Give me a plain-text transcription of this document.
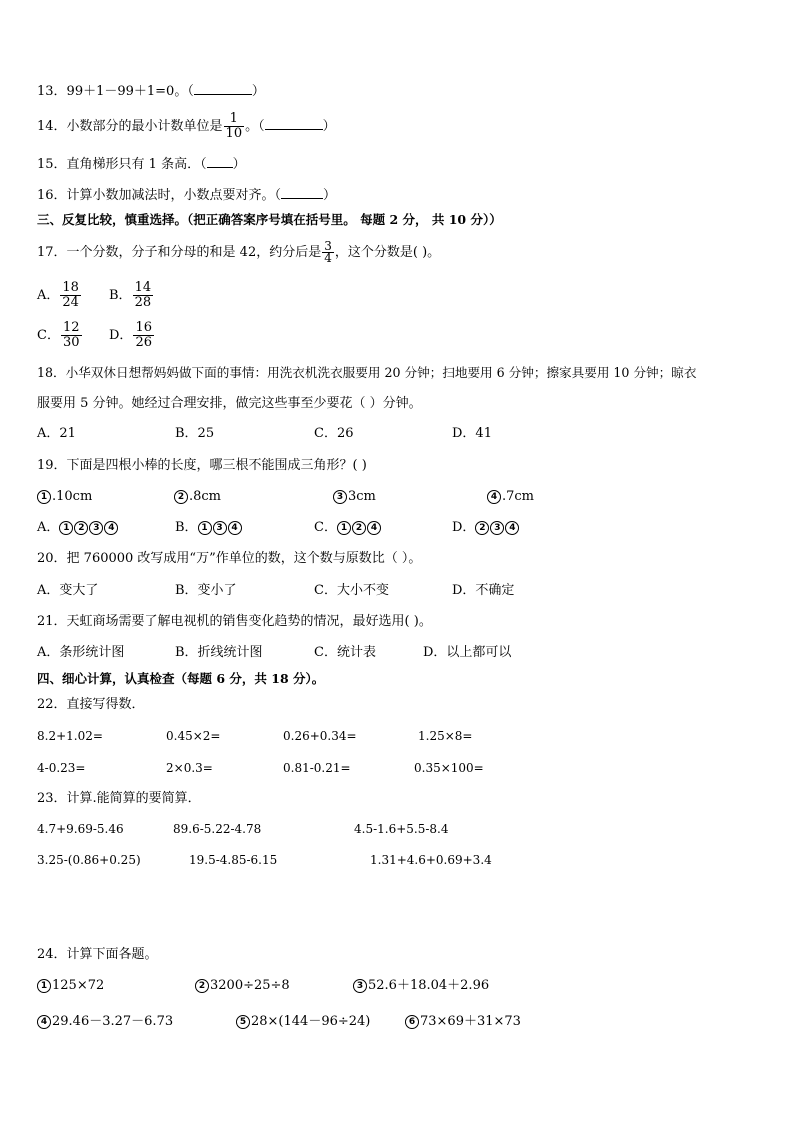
13．99＋1－99＋1=0。（	）
14．小数部分的最小计数单位是 $\frac{1}{10}$ 。（	）
15．直角梯形只有 1 条高．（ ）
16．计算小数加减法时，小数点要对齐。（	）
三、反复比较，慎重选择。（把正确答案序号填在括号里。 每题 2 分， 共 10 分））
17．一个分数，分子和分母的和是 42，约分后是 $\frac{3}{4}$ ，这个分数是( )。
A． $\frac{18}{24}$ B． $\frac{14}{28}$
C． $\frac{12}{30}$ D． $\frac{16}{26}$
18．小华双休日想帮妈妈做下面的事情：用洗衣机洗衣服要用 20 分钟；扫地要用 6 分钟；擦家具要用 10 分钟；晾衣
服要用 5 分钟。她经过合理安排，做完这些事至少要花（ ）分钟。
A．21	B．25	C．26	D．41
19．下面是四根小棒的长度，哪三根不能围成三角形？( )
1 .10cm	2 .8cm	3 3cm	4 .7cm
A． 1 2 3 4	B． 1 3 4	C． 1 2 4	D． 2 3 4
20．把 760000 改写成用“万”作单位的数，这个数与原数比（ ）。
A．变大了	B．变小了	C．大小不变	D．不确定
21．天虹商场需要了解电视机的销售变化趋势的情况，最好选用( )。
A．条形统计图	B．折线统计图	C．统计表	D．以上都可以
四、细心计算，认真检查（每题 6 分，共 18 分）。
22．直接写得数．
8.2+1.02=	0.45×2=	0.26+0.34=	1.25×8=
4-0.23=	2×0.3=	0.81-0.21=	0.35×100=
23．计算.能简算的要简算．
4.7+9.69-5.46	89.6-5.22-4.78	4.5-1.6+5.5-8.4
3.25-(0.86+0.25)	19.5-4.85-6.15	1.31+4.6+0.69+3.4
24．计算下面各题。
1 125×72	2 3200÷25÷8	3 52.6＋18.04＋2.96
4 29.46－3.27－6.73	5 28×(144－96÷24)	6 73×69＋31×73
